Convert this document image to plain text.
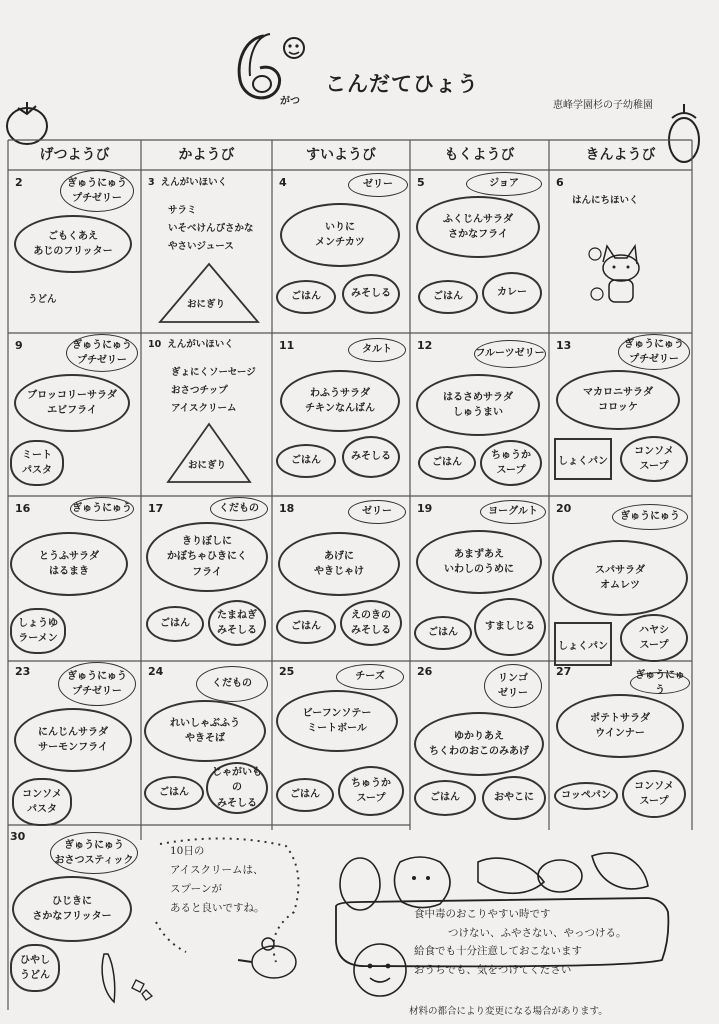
がつ
こんだてひょう
恵峰学園杉の子幼稚園
げつようび	かようび	すいようび	もくようび	きんようび
2	ぎゅうにゅう
プチゼリー
ごもくあえ
あじのフリッター
うどん
3 えんがいほいく
サラミ
いそべけんぴさかな
やさいジュース
おにぎり
4	ゼリー
いりに
メンチカツ
ごはん	みそしる
5	ジョア
ふくじんサラダ
さかなフライ
ごはん	カレー
6
はんにちほいく
9	ぎゅうにゅう
プチゼリー
ブロッコリーサラダ
エビフライ
ミート
パスタ
10 えんがいほいく
ぎょにくソーセージ
おさつチップ
アイスクリーム
おにぎり
11	タルト
わふうサラダ
チキンなんばん
ごはん	みそしる
12
フルーツゼリー
はるさめサラダ
しゅうまい
ごはん
ちゅうか
スープ
13	ぎゅうにゅう
プチゼリー
マカロニサラダ
コロッケ
しょくパン
コンソメ
スープ
16	ぎゅうにゅう
とうふサラダ
はるまき
しょうゆ
ラーメン
17	くだもの
きりぼしに
かぼちゃひきにく
フライ
ごはん
たまねぎ
みそしる
18	ゼリー
あげに
やきじゃけ
ごはん
えのきの
みそしる
19	ヨーグルト
あまずあえ
いわしのうめに
ごはん
すましじる
20
ぎゅうにゅう
スパサラダ
オムレツ
しょくパン
ハヤシ
スープ
23	ぎゅうにゅう
プチゼリー
にんじんサラダ
サーモンフライ
コンソメ
パスタ
24
くだもの
れいしゃぶふう
やきそば
ごはん
じゃがいもの
みそしる
25	チーズ
ビーフンソテー
ミートボール
ごはん
ちゅうか
スープ
26	リンゴ
ゼリー
ゆかりあえ
ちくわのおこのみあげ
ごはん	おやこに
27	ぎゅうにゅう
ポテトサラダ
ウインナー
コッペパン
コンソメ
スープ
30
ぎゅうにゅう
おさつスティック
ひじきに
さかなフリッター
ひやし
うどん
10日の
アイスクリームは、
スプーンが
あると良いですね。
食中毒のおこりやすい時です
つけない、ふやさない、やっつける。
給食でも十分注意しておこないます
おうちでも、気をつけてください
材料の都合により変更になる場合があります。
